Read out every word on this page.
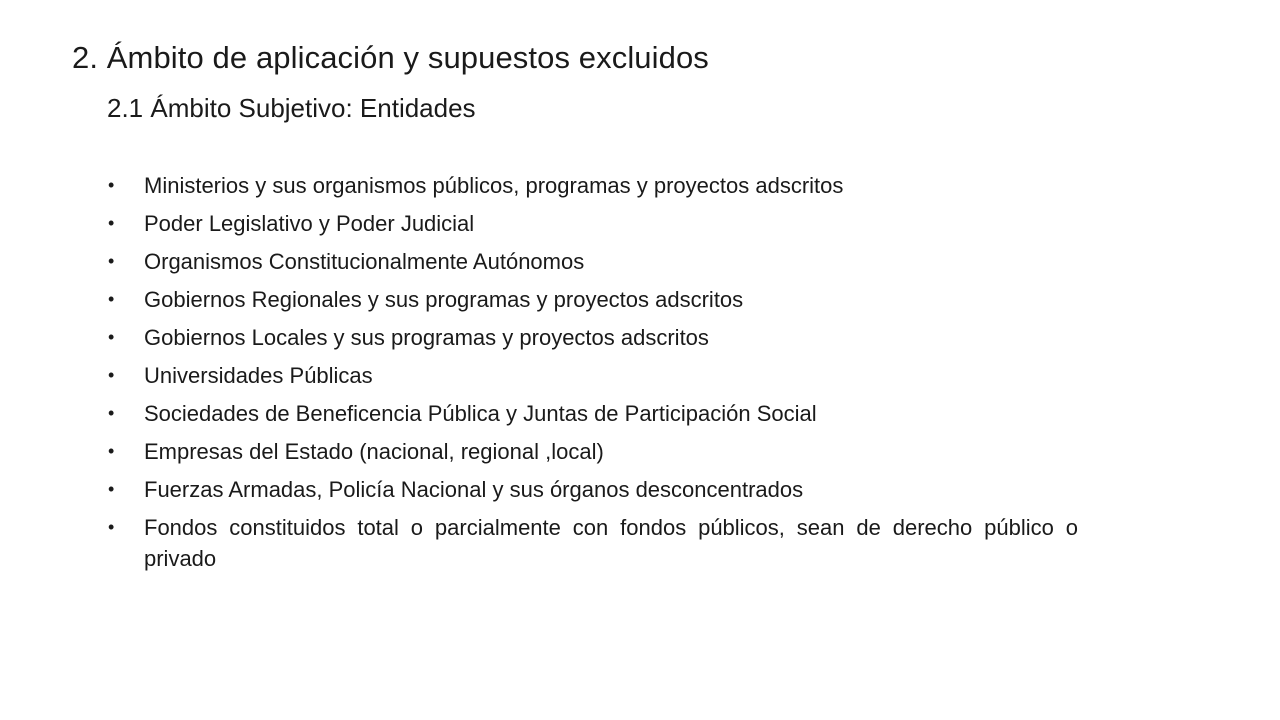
2. Ámbito de aplicación y supuestos excluidos
2.1 Ámbito Subjetivo: Entidades
•	Ministerios y sus organismos públicos, programas y proyectos adscritos
•	Poder Legislativo y Poder Judicial
•	Organismos Constitucionalmente Autónomos
•	Gobiernos Regionales y sus programas y proyectos adscritos
•	Gobiernos Locales y sus programas y proyectos adscritos
•	Universidades Públicas
•	Sociedades de Beneficencia Pública y Juntas de Participación Social
•	Empresas del Estado (nacional, regional ,local)
•	Fuerzas Armadas, Policía Nacional y sus órganos desconcentrados
•	Fondos constituidos total o parcialmente con fondos públicos, sean de derecho público o privado
